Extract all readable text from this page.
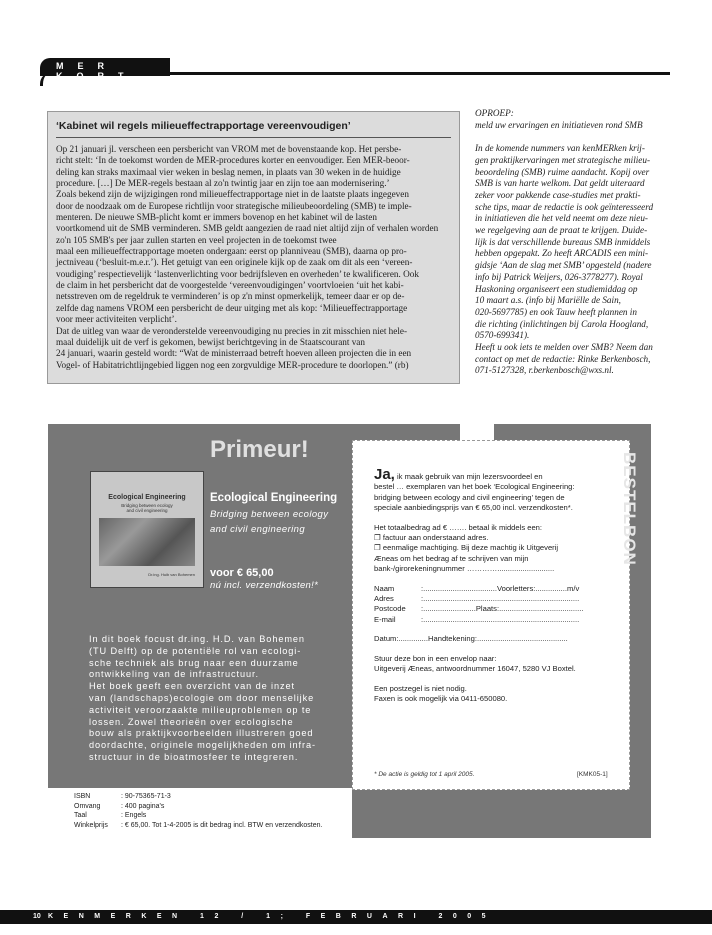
MER KORT
‘Kabinet wil regels milieueffectrapportage vereenvoudigen’

Op 21 januari jl. verscheen een persbericht van VROM met de bovenstaande kop. Het persbe-
richt stelt: ‘In de toekomst worden de MER-procedures korter en eenvoudiger. Een MER-beoor-
deling kan straks maximaal vier weken in beslag nemen, in plaats van 30 weken in de huidige
procedure. […] De MER-regels bestaan al zo'n twintig jaar en zijn toe aan modernisering.’
Zoals bekend zijn de wijzigingen rond milieueffectrapportage niet in de laatste plaats ingegeven
door de noodzaak om de Europese richtlijn voor strategische milieubeoordeling (SMB) te imple-
menteren. De nieuwe SMB-plicht komt er immers bovenop en het kabinet wil de lasten
voortkomend uit de SMB verminderen. SMB geldt aangezien de raad niet altijd zijn of verhalen worden zo'n 105 SMB's per jaar zullen starten en veel projecten in de toekomst twee
maal een milieueffectrapportage moeten ondergaan: eerst op planniveau (SMB), daarna op pro-
jectniveau (‘besluit-m.e.r.’). Het getuigt van een originele kijk op de zaak om dit als een ‘vereen-
voudiging’ respectievelijk ‘lastenverlichting voor bedrijfsleven en overheden’ te kwalificeren. Ook
de claim in het persbericht dat de voorgestelde ‘vereenvoudigingen’ voortvloeien ‘uit het kabi-
netsstreven om de regeldruk te verminderen’ is op z'n minst opmerkelijk, temeer daar er op de-
zelfde dag namens VROM een persbericht de deur uitging met als kop: ‘Milieueffectrapportage
voor meer activiteiten verplicht’.
Dat de uitleg van waar de veronderstelde vereenvoudiging nu precies in zit misschien niet hele-
maal duidelijk uit de verf is gekomen, bewijst berichtgeving in de Staatscourant van
24 januari, waarin gesteld wordt: “Wat de ministerraad betreft hoeven alleen projecten die in een
Vogel- of Habitatrichtlijngebied liggen nog een zorgvuldige MER-procedure te doorlopen.” (rb)

OPROEP:
meld uw ervaringen en initiatieven rond SMB

In de komende nummers van kenMERken krij-
gen praktijkervaringen met strategische milieu-
beoordeling (SMB) ruime aandacht. Kopij over
SMB is van harte welkom. Dat geldt uiteraard
zeker voor pakkende case-studies met prakti-
sche tips, maar de redactie is ook geïnteresseerd
in initiatieven die het veld neemt om deze nieu-
we regelgeving aan de praat te krijgen. Duide-
lijk is dat verschillende bureaus SMB inmiddels
hebben opgepakt. Zo heeft ARCADIS een mini-
gidsje ‘Aan de slag met SMB’ opgesteld (nadere
info bij Patrick Weijers, 026-3778277). Royal
Haskoning organiseert een studiemiddag op
10 maart a.s. (info bij Mariëlle de Sain,
020-5697785) en ook Tauw heeft plannen in
die richting (inlichtingen bij Carola Hoogland,
0570-699341).
Heeft u ook iets te melden over SMB? Neem dan
contact op met de redactie: Rinke Berkenbosch,
071-5127328, r.berkenbosch@wxs.nl.

Primeur!
Ecological Engineering
Bridging between ecology
and civil engineering
Dr.ing. Huib van Bohemen
Ecological Engineering
Bridging between ecology
and civil engineering
voor € 65,00
nú incl. verzendkosten!*
In dit boek focust dr.ing. H.D. van Bohemen
(TU Delft) op de potentiële rol van ecologi-
sche techniek als brug naar een duurzame
ontwikkeling van de infrastructuur.
Het boek geeft een overzicht van de inzet
van (landschaps)ecologie om door menselijke
activiteit veroorzaakte milieuproblemen op te
lossen. Zowel theorieën over ecologische
bouw als praktijkvoorbeelden illustreren goed
doordachte, originele mogelijkheden om infra-
structuur in de bioatmosfeer te integreren.
ISBN	: 90-75365-71-3
Omvang	: 400 pagina's
Taal	: Engels
Winkelprijs	: € 65,00. Tot 1-4-2005 is dit bedrag incl. BTW en verzendkosten.
BESTELBON

Ja, ik maak gebruik van mijn lezersvoordeel en

bestel … exemplaren van het boek ‘Ecological Engineering:
bridging between ecology and civil engineering’ tegen de
speciale aanbiedingsprijs van € 65,00 incl. verzendkosten*.

Het totaalbedrag ad € ……. betaal ik middels een:
❐ factuur aan onderstaand adres.
❐ eenmalige machtiging. Bij deze machtig ik Uitgeverij
Æneas om het bedrag af te schrijven van mijn
bank-/girorekeningnummer …………...........................

Naam	:...................................Voorletters:...............m/v
Adres	:..........................................................................
Postcode	:.........................Plaats:........................................
E-mail	:..........................................................................

Datum:..............Handtekening:...........................................

Stuur deze bon in een envelop naar:
Uitgeverij Æneas, antwoordnummer 16047, 5280 VJ Boxtel.

Een postzegel is niet nodig.
Faxen is ook mogelijk via 0411-650080.

* De actie is geldig tot 1 april 2005.	[KMK05-1]
10 KENMERKEN 12 / 1; FEBRUARI 2005
